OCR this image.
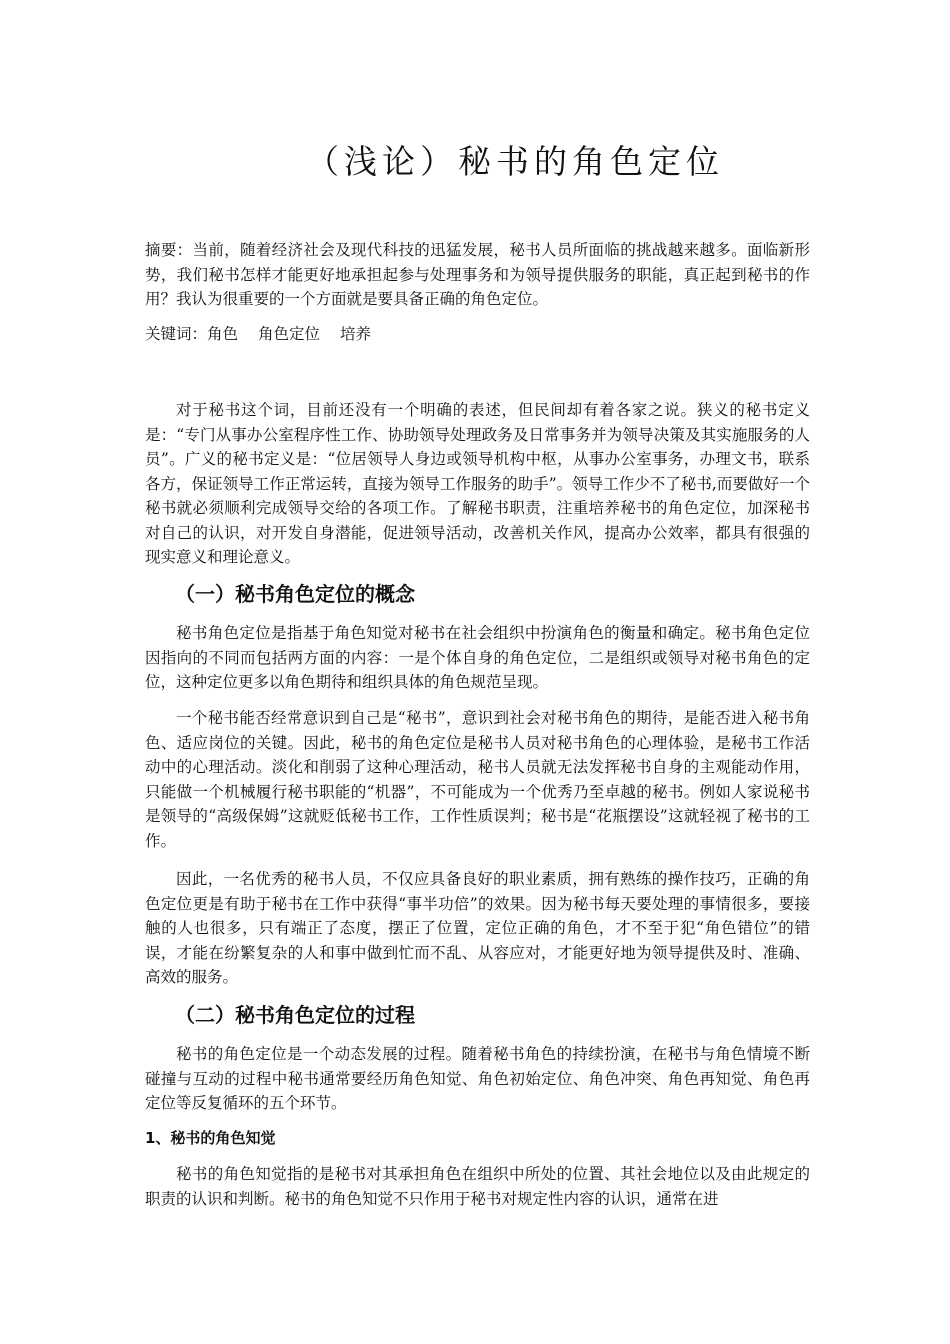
（浅论）秘书的角色定位
摘要：当前，随着经济社会及现代科技的迅猛发展，秘书人员所面临的挑战越来越多。面临新形势，我们秘书怎样才能更好地承担起参与处理事务和为领导提供服务的职能，真正起到秘书的作用？我认为很重要的一个方面就是要具备正确的角色定位。
关键词：角色 角色定位 培养
对于秘书这个词，目前还没有一个明确的表述，但民间却有着各家之说。狭义的秘书定义是：“专门从事办公室程序性工作、协助领导处理政务及日常事务并为领导决策及其实施服务的人员”。广义的秘书定义是：“位居领导人身边或领导机构中枢，从事办公室事务，办理文书，联系各方，保证领导工作正常运转，直接为领导工作服务的助手”。领导工作少不了秘书,而要做好一个秘书就必须顺利完成领导交给的各项工作。了解秘书职责，注重培养秘书的角色定位，加深秘书对自己的认识，对开发自身潜能，促进领导活动，改善机关作风，提高办公效率，都具有很强的现实意义和理论意义。
（一）秘书角色定位的概念
秘书角色定位是指基于角色知觉对秘书在社会组织中扮演角色的衡量和确定。秘书角色定位因指向的不同而包括两方面的内容：一是个体自身的角色定位，二是组织或领导对秘书角色的定位，这种定位更多以角色期待和组织具体的角色规范呈现。
一个秘书能否经常意识到自己是“秘书”，意识到社会对秘书角色的期待，是能否进入秘书角色、适应岗位的关键。因此，秘书的角色定位是秘书人员对秘书角色的心理体验，是秘书工作活动中的心理活动。淡化和削弱了这种心理活动，秘书人员就无法发挥秘书自身的主观能动作用，只能做一个机械履行秘书职能的“机器”，不可能成为一个优秀乃至卓越的秘书。例如人家说秘书是领导的“高级保姆”这就贬低秘书工作，工作性质误判；秘书是“花瓶摆设”这就轻视了秘书的工作。
因此，一名优秀的秘书人员，不仅应具备良好的职业素质，拥有熟练的操作技巧，正确的角色定位更是有助于秘书在工作中获得“事半功倍”的效果。因为秘书每天要处理的事情很多，要接触的人也很多，只有端正了态度，摆正了位置，定位正确的角色，才不至于犯“角色错位”的错误，才能在纷繁复杂的人和事中做到忙而不乱、从容应对，才能更好地为领导提供及时、准确、高效的服务。
（二）秘书角色定位的过程
秘书的角色定位是一个动态发展的过程。随着秘书角色的持续扮演，在秘书与角色情境不断碰撞与互动的过程中秘书通常要经历角色知觉、角色初始定位、角色冲突、角色再知觉、角色再定位等反复循环的五个环节。
1、秘书的角色知觉
秘书的角色知觉指的是秘书对其承担角色在组织中所处的位置、其社会地位以及由此规定的职责的认识和判断。秘书的角色知觉不只作用于秘书对规定性内容的认识，通常在进
